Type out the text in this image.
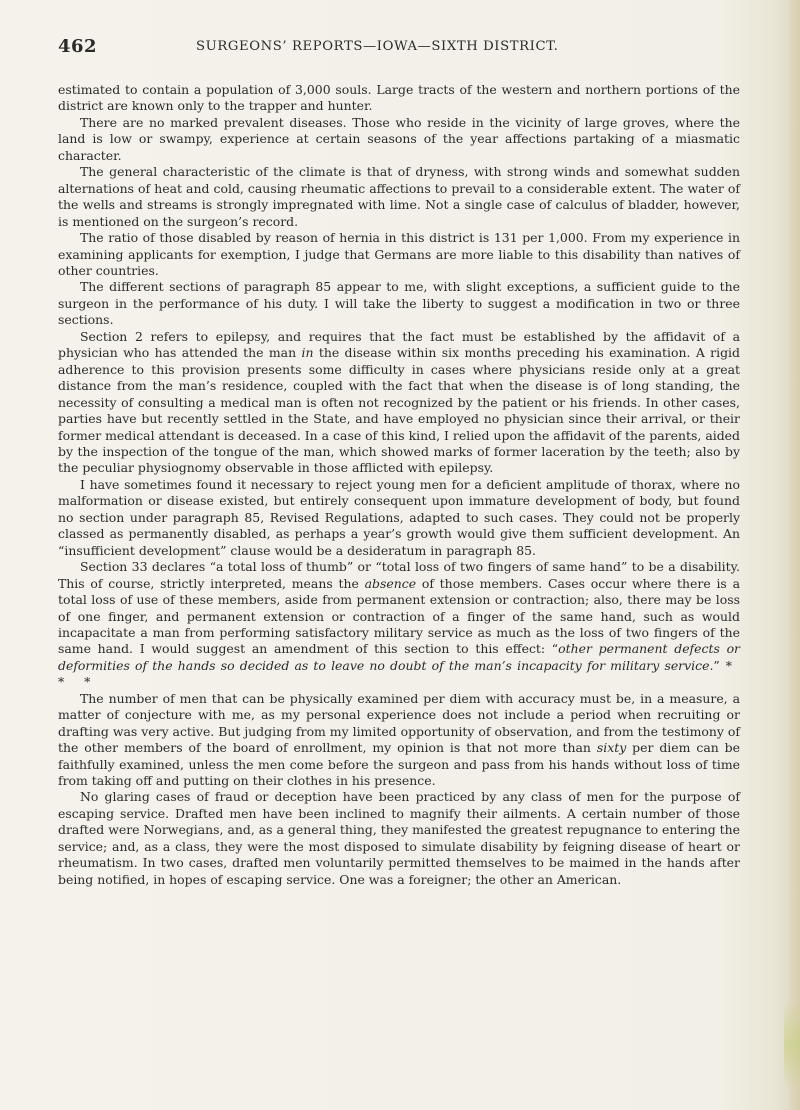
462	SURGEONS’ REPORTS—IOWA—SIXTH DISTRICT.

estimated to contain a population of 3,000 souls. Large tracts of the western and northern portions of the district are known only to the trapper and hunter.

There are no marked prevalent diseases. Those who reside in the vicinity of large groves, where the land is low or swampy, experience at certain seasons of the year affections partaking of a miasmatic character.

The general characteristic of the climate is that of dryness, with strong winds and somewhat sudden alternations of heat and cold, causing rheumatic affections to prevail to a considerable extent. The water of the wells and streams is strongly impregnated with lime. Not a single case of calculus of bladder, however, is mentioned on the surgeon’s record.

The ratio of those disabled by reason of hernia in this district is 131 per 1,000. From my experience in examining applicants for exemption, I judge that Germans are more liable to this disability than natives of other countries.

The different sections of paragraph 85 appear to me, with slight exceptions, a sufficient guide to the surgeon in the performance of his duty. I will take the liberty to suggest a modification in two or three sections.

Section 2 refers to epilepsy, and requires that the fact must be established by the affidavit of a physician who has attended the man in the disease within six months preceding his examination. A rigid adherence to this provision presents some difficulty in cases where physicians reside only at a great distance from the man’s residence, coupled with the fact that when the disease is of long standing, the necessity of consulting a medical man is often not recognized by the patient or his friends. In other cases, parties have but recently settled in the State, and have employed no physician since their arrival, or their former medical attendant is deceased. In a case of this kind, I relied upon the affidavit of the parents, aided by the inspection of the tongue of the man, which showed marks of former laceration by the teeth; also by the peculiar physiognomy observable in those afflicted with epilepsy.

I have sometimes found it necessary to reject young men for a deficient amplitude of thorax, where no malformation or disease existed, but entirely consequent upon immature development of body, but found no section under paragraph 85, Revised Regulations, adapted to such cases. They could not be properly classed as permanently disabled, as perhaps a year’s growth would give them sufficient development. An “insufficient development” clause would be a desideratum in paragraph 85.

Section 33 declares “a total loss of thumb” or “total loss of two fingers of same hand” to be a disability. This of course, strictly interpreted, means the absence of those members. Cases occur where there is a total loss of use of these members, aside from permanent extension or contraction; also, there may be loss of one finger, and permanent extension or contraction of a finger of the same hand, such as would incapacitate a man from performing satisfactory military service as much as the loss of two fingers of the same hand. I would suggest an amendment of this section to this effect: “other permanent defects or deformities of the hands so decided as to leave no doubt of the man’s incapacity for military service.” * * *

The number of men that can be physically examined per diem with accuracy must be, in a measure, a matter of conjecture with me, as my personal experience does not include a period when recruiting or drafting was very active. But judging from my limited opportunity of observation, and from the testimony of the other members of the board of enrollment, my opinion is that not more than sixty per diem can be faithfully examined, unless the men come before the surgeon and pass from his hands without loss of time from taking off and putting on their clothes in his presence.

No glaring cases of fraud or deception have been practiced by any class of men for the purpose of escaping service. Drafted men have been inclined to magnify their ailments. A certain number of those drafted were Norwegians, and, as a general thing, they manifested the greatest repugnance to entering the service; and, as a class, they were the most disposed to simulate disability by feigning disease of heart or rheumatism. In two cases, drafted men voluntarily permitted themselves to be maimed in the hands after being notified, in hopes of escaping service. One was a foreigner; the other an American.
